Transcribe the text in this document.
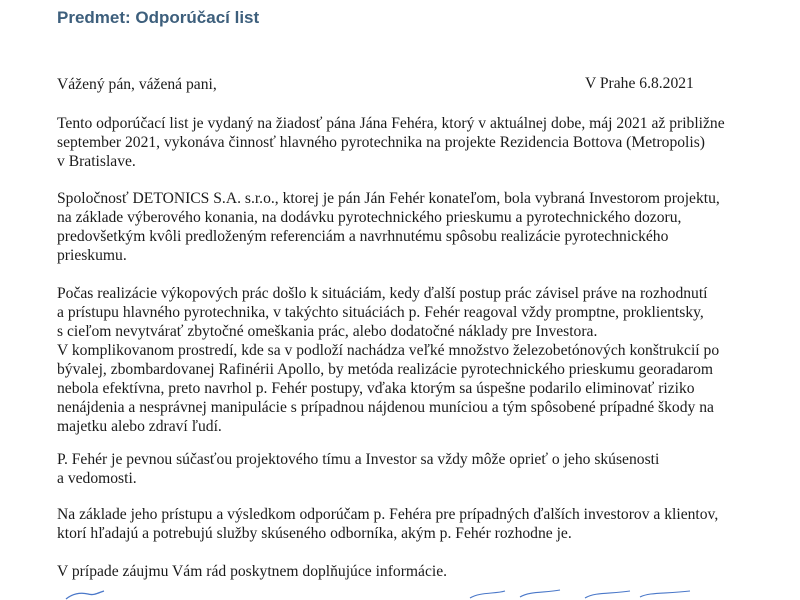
Predmet: Odporúčací list
Vážený pán, vážená pani,	V Prahe 6.8.2021
Tento odporúčací list je vydaný na žiadosť pána Jána Fehéra, ktorý v aktuálnej dobe, máj 2021 až približne
september 2021, vykonáva činnosť hlavného pyrotechnika na projekte Rezidencia Bottova (Metropolis)
v Bratislave.
Spoločnosť DETONICS S.A. s.r.o., ktorej je pán Ján Fehér konateľom, bola vybraná Investorom projektu,
na základe výberového konania, na dodávku pyrotechnického prieskumu a pyrotechnického dozoru,
predovšetkým kvôli predloženým referenciám a navrhnutému spôsobu realizácie pyrotechnického
prieskumu.
Počas realizácie výkopových prác došlo k situáciám, kedy ďalší postup prác závisel práve na rozhodnutí
a prístupu hlavného pyrotechnika, v takýchto situáciách p. Fehér reagoval vždy promptne, proklientsky,
s cieľom nevytvárať zbytočné omeškania prác, alebo dodatočné náklady pre Investora.
V komplikovanom prostredí, kde sa v podloží nachádza veľké množstvo železobetónových konštrukcií po
bývalej, zbombardovanej Rafinérii Apollo, by metóda realizácie pyrotechnického prieskumu georadarom
nebola efektívna, preto navrhol p. Fehér postupy, vďaka ktorým sa úspešne podarilo eliminovať riziko
nenájdenia a nesprávnej manipulácie s prípadnou nájdenou muníciou a tým spôsobené prípadné škody na
majetku alebo zdraví ľudí.
P. Fehér je pevnou súčasťou projektového tímu a Investor sa vždy môže oprieť o jeho skúsenosti
a vedomosti.
Na základe jeho prístupu a výsledkom odporúčam p. Fehéra pre prípadných ďalších investorov a klientov,
ktorí hľadajú a potrebujú služby skúseného odborníka, akým p. Fehér rozhodne je.
V prípade záujmu Vám rád poskytnem doplňujúce informácie.
